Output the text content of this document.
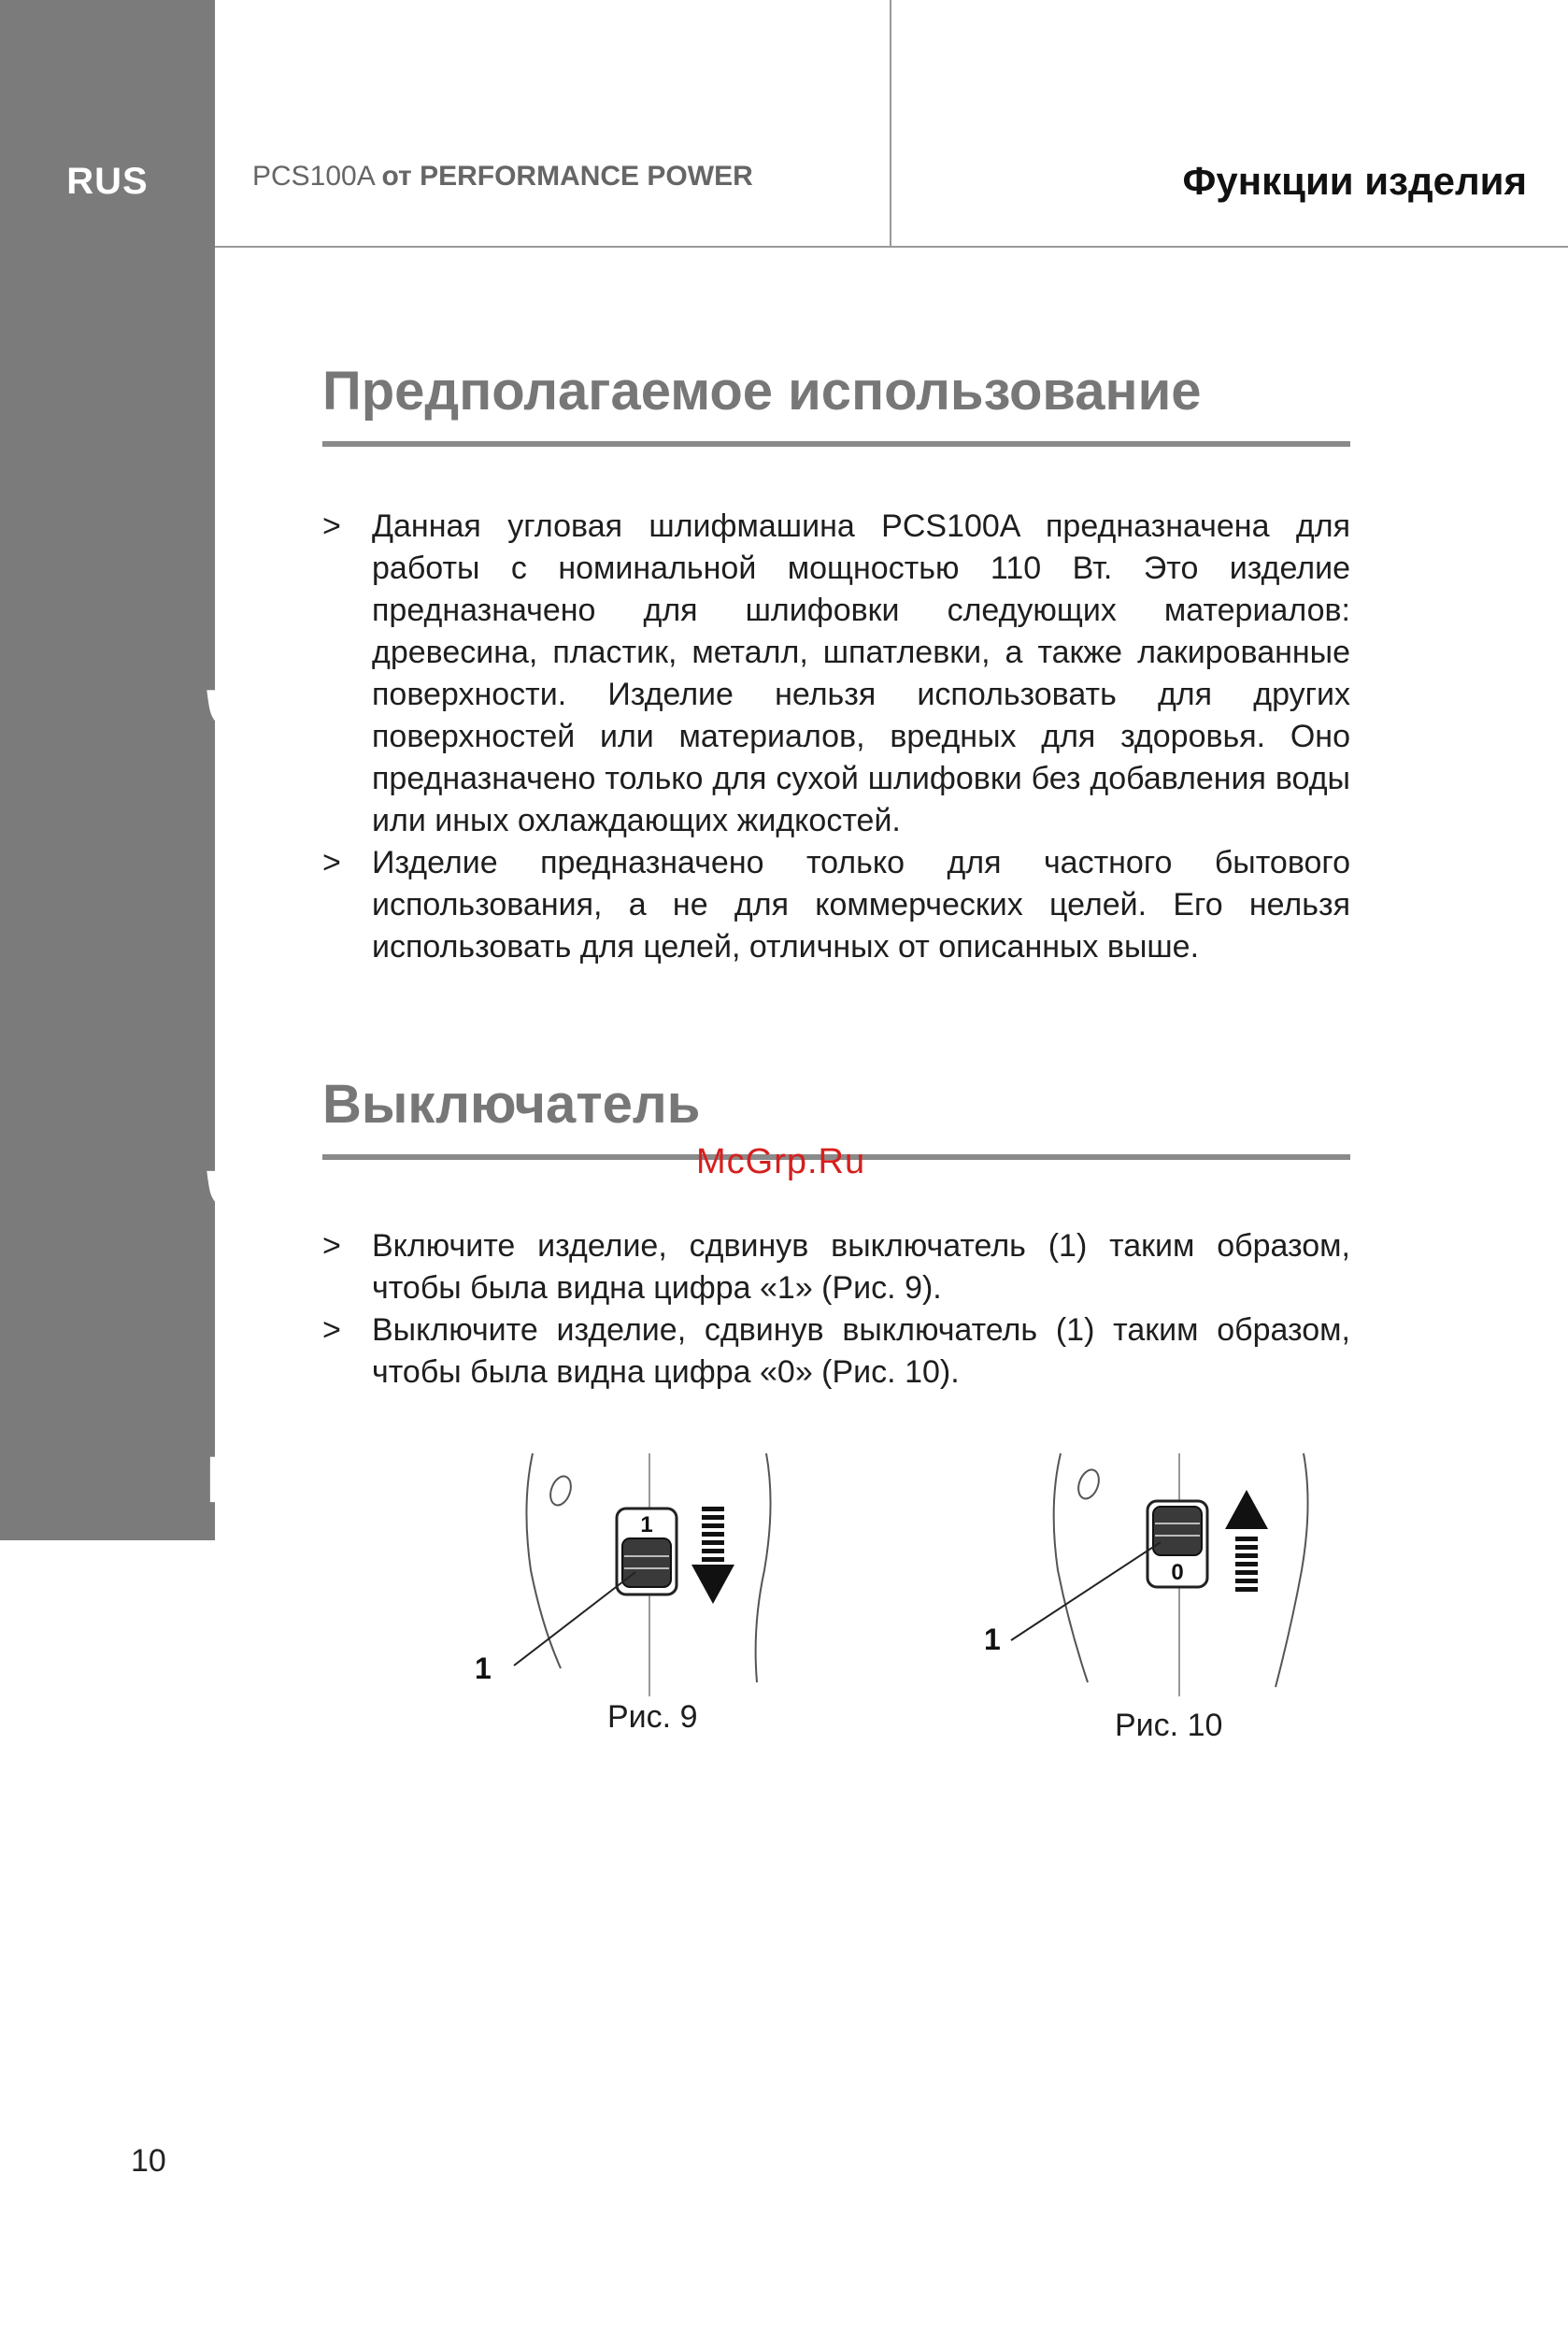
RUS
Теперь более подробно...
PCS100A от PERFORMANCE POWER	Функции изделия
Предполагаемое использование
> Данная угловая шлифмашина PCS100A предназначена для работы с номинальной мощностью 110 Вт. Это изделие предназначено для шлифовки следующих материалов: древесина, пластик, металл, шпатлевки, а также лакированные поверхности. Изделие нельзя использовать для других поверхностей или материалов, вредных для здоровья. Оно предназначено только для сухой шлифовки без добавления воды или иных охлаждающих жидкостей.
> Изделие предназначено только для частного бытового использования, а не для коммерческих целей. Его нельзя использовать для целей, отличных от описанных выше.
Выключатель
McGrp.Ru
> Включите изделие, сдвинув выключатель (1) таким образом, чтобы была видна цифра «1» (Рис. 9).
> Выключите изделие, сдвинув выключатель (1) таким образом, чтобы была видна цифра «0» (Рис. 10).
1
1
Рис. 9
0
1
Рис. 10
10
